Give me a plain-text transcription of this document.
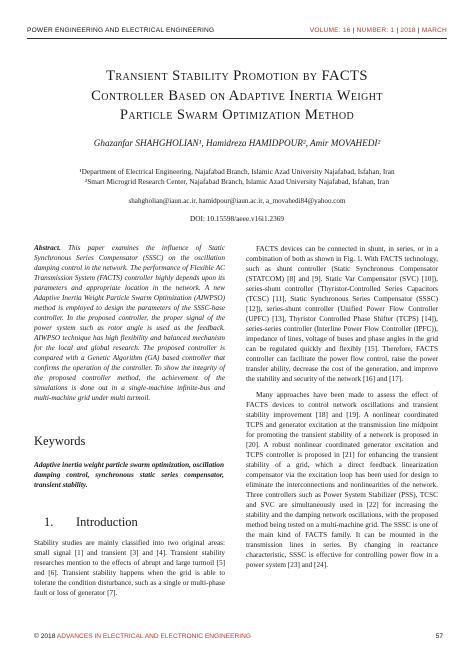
POWER ENGINEERING AND ELECTRICAL ENGINEERING	VOLUME: 16 | NUMBER: 1 | 2018 | MARCH
Transient Stability Promotion by FACTS
Controller Based on Adaptive Inertia Weight
Particle Swarm Optimization Method
Ghazanfar SHAHGHOLIAN¹, Hamidreza HAMIDPOUR², Amir MOVAHEDI²
¹Department of Electrical Engineering, Najafabad Branch, Islamic Azad University Najafabad, Isfahan, Iran
²Smart Microgrid Research Center, Najafabad Branch, Islamic Azad University Najafabad, Isfahan, Iran
shahgholian@iaun.ac.ir, hamidpour@iaun.ac.ir, a_movahedi84@yahoo.com
DOI: 10.15598/aeee.v16i1.2369

Abstract. This paper examines the influence of Static Synchronous Series Compensator (SSSC) on the oscillation damping control in the network. The performance of Flexible AC Transmission System (FACTS) controller highly depends upon its parameters and appropriate location in the network. A new Adaptive Inertia Weight Particle Swarm Optimization (AIWPSO) method is employed to design the parameters of the SSSC-base controller. In the proposed controller, the proper signal of the power system such as rotor angle is used as the feedback. AIWPSO technique has high flexibility and balanced mechanism for the local and global research. The proposed controller is compared with a Genetic Algorithm (GA) based controller that confirms the operation of the controller. To show the integrity of the proposed controller method, the achievement of the simulations is done out in a single-machine infinite-bus and multi-machine grid under multi turmoil.

Keywords
Adaptive inertia weight particle swarm optimization, oscillation damping control, synchronous static series compensator, transient stability.
1. Introduction
Stability studies are mainly classified into two original areas: small signal [1] and transient [3] and [4]. Transient stability researches mention to the effects of abrupt and large turmoil [5] and [6]. Transient stability happens when the grid is able to tolerate the condition disturbance, such as a single or multi-phase fault or loss of generator [7].

FACTS devices can be connected in shunt, in series, or in a combination of both as shown in Fig. 1. With FACTS technology, such as shunt controller (Static Synchronous Compensator (STATCOM) [8] and [9]. Static Var Compensator (SVC) [10]), series-shunt controller (Thyristor-Controlled Series Capacitors (TCSC) [11], Static Synchronous Series Compensator (SSSC) [12]), series-shunt controller (Unified Power Flow Controller (UPFC) [13], Thyristor Controlled Phase Shifter (TCPS) [14]), series-series controller (Interline Power Flow Controller (IPFC)), impedance of lines, voltage of buses and phase angles in the grid can be regulated quickly and flexibly [15]. Therefore, FACTS controller can facilitate the power flow control, raise the power transfer ability, decrease the cost of the generation, and improve the stability and security of the network [16] and [17].

Many approaches have been made to assess the effect of FACTS devices to control network oscillations and transient stability improvement [18] and [19]. A nonlinear coordinated TCPS and generator excitation at the transmission line midpoint for promoting the transient stability of a network is proposed in [20]. A robust nonlinear coordinated generator excitation and TCPS controller is proposed in [21] for enhancing the transient stability of a grid, which a direct feedback linearization compensator via the excitation loop has been used for design to eliminate the interconnections and nonlinearities of the network. Three controllers such as Power System Stabilizer (PSS), TCSC and SVC are simultaneously used in [22] for increasing the stability and the damping network oscillations, with the proposed method being tested on a multi-machine grid. The SSSC is one of the main kind of FACTS family. It can be mounted in the transmission lines in series. By changing in reactance characteristic, SSSC is effective for controlling power flow in a power system [23] and [24].

© 2018 ADVANCES IN ELECTRICAL AND ELECTRONIC ENGINEERING	57
